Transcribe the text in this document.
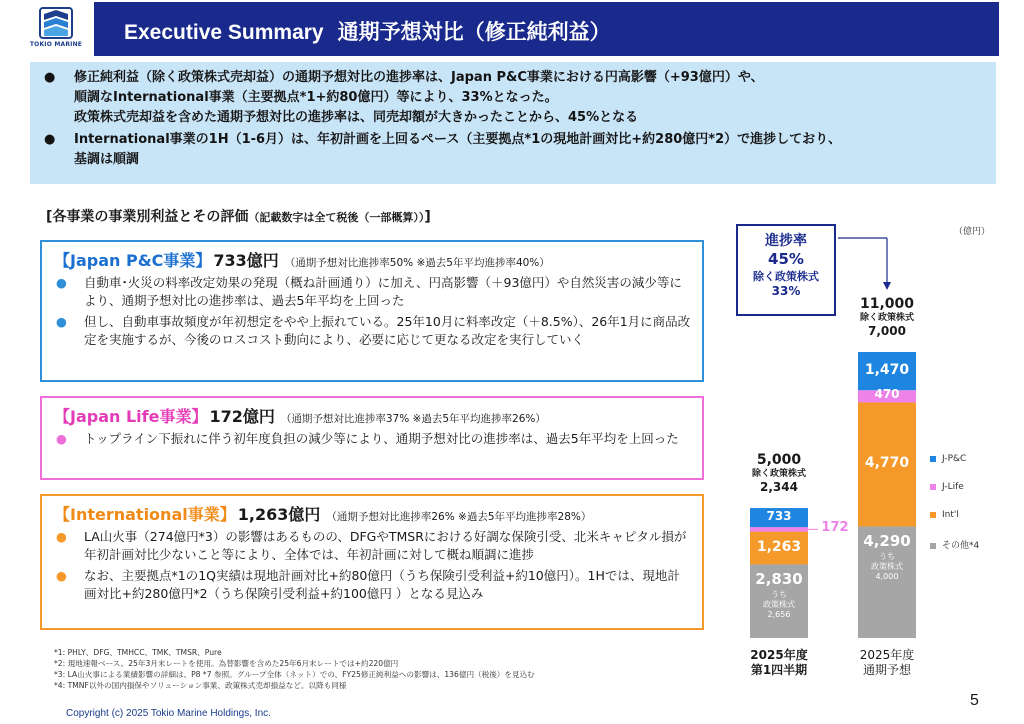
TOKIO MARINE
Executive Summary 通期予想対比（修正純利益）
● 修正純利益（除く政策株式売却益）の通期予想対比の進捗率は、Japan P&C事業における円高影響（+93億円）や、
順調なInternational事業（主要拠点*1+約80億円）等により、33%となった。
政策株式売却益を含めた通期予想対比の進捗率は、同売却額が大きかったことから、45%となる
● International事業の1H（1-6月）は、年初計画を上回るペース（主要拠点*1の現地計画対比+約280億円*2）で進捗しており、
基調は順調
[各事業の事業別利益とその評価（記載数字は全て税後（一部概算））]
【Japan P&C事業】 733億円 （通期予想対比進捗率50% ※過去5年平均進捗率40%）
● 自動車･火災の料率改定効果の発現（概ね計画通り）に加え、円高影響（＋93億円）や自然災害の減少等により、通期予想対比の進捗率は、過去5年平均を上回った
● 但し、自動車事故頻度が年初想定をやや上振れている。25年10月に料率改定（＋8.5%）、26年1月に商品改定を実施するが、今後のロスコスト動向により、必要に応じて更なる改定を実行していく
【Japan Life事業】 172億円 （通期予想対比進捗率37% ※過去5年平均進捗率26%）
● トップライン下振れに伴う初年度負担の減少等により、通期予想対比の進捗率は、過去5年平均を上回った
【International事業】 1,263億円 （通期予想対比進捗率26% ※過去5年平均進捗率28%）
● LA山火事（274億円*3）の影響はあるものの、DFGやTMSRにおける好調な保険引受、北米キャピタル損が年初計画対比少ないこと等により、全体では、年初計画に対して概ね順調に進捗
● なお、主要拠点*1の1Q実績は現地計画対比+約80億円（うち保険引受利益+約10億円）。1Hでは、現地計画対比+約280億円*2（うち保険引受利益+約100億円 ）となる見込み
*1: PHLY、DFG、TMHCC、TMK、TMSR、Pure
*2: 現地速報ベース。25年3月末レートを使用。為替影響を含めた25年6月末レートでは+約220億円
*3: LA山火事による業績影響の詳細は、P8 *7 参照。グループ全体（ネット）での、FY25修正純利益への影響は、136億円（税後）を見込む
*4: TMNF以外の国内損保やソリューション事業、政策株式売却損益など。以降も同様
Copyright (c) 2025 Tokio Marine Holdings, Inc.
5
（億円）
進捗率
45%
除く政策株式
33%
2,830
うち
政策株式
2,656
1,263
172
733
5,000
除く政策株式
2,344
2025年度
第1四半期
4,290
うち
政策株式
4,000
4,770
470
1,470
11,000
除く政策株式
7,000
2025年度
通期予想
J-P&C
J-Life
Int'l
その他*4
